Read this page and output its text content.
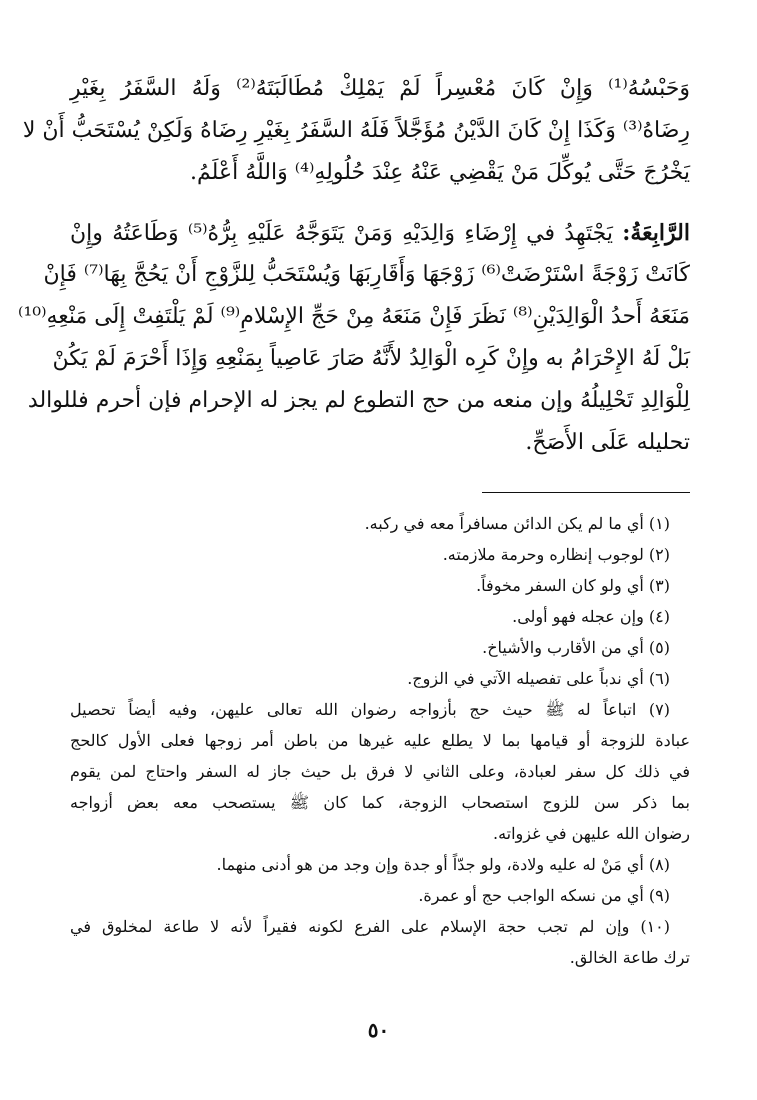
وَحَبْسُهُ⁽¹⁾ وَإِنْ كَانَ مُعْسِراً لَمْ يَمْلِكْ مُطَالَبَتَهُ⁽²⁾ وَلَهُ السَّفَرُ بِغَيْرِ
رِضَاهُ⁽³⁾ وَكَذَا إِنْ كَانَ الدَّيْنُ مُؤَجَّلاً فَلَهُ السَّفَرُ بِغَيْرِ رِضَاهُ وَلَكِنْ يُسْتَحَبُّ أَنْ لا
يَخْرُجَ حَتَّى يُوكِّلَ مَنْ يَقْضِي عَنْهُ عِنْدَ حُلُولِهِ⁽⁴⁾ وَاللَّهُ أَعْلَمُ.
الرَّابِعَةُ: يَجْتَهِدُ في إِرْضَاءِ وَالِدَيْهِ وَمَنْ يَتَوَجَّهُ عَلَيْهِ بِرُّهُ⁽⁵⁾ وَطَاعَتُهُ وإِنْ
كَانَتْ زَوْجَةً اسْتَرْضَتْ⁽⁶⁾ زَوْجَهَا وَأَقَارِبَهَا وَيُسْتَحَبُّ لِلزَّوْجِ أَنْ يَحُجَّ بِهَا⁽⁷⁾ فَإِنْ
مَنَعَهُ أَحدُ الْوَالِدَيْنِ⁽⁸⁾ نَظَرَ فَإِنْ مَنَعَهُ مِنْ حَجِّ الإِسْلامِ⁽⁹⁾ لَمْ يَلْتَفِتْ إِلَى مَنْعِهِ⁽¹⁰⁾
بَلْ لَهُ الإِحْرَامُ به وإِنْ كَرِه الْوَالِدُ لأَنَّهُ صَارَ عَاصِياً بِمَنْعِهِ وَإِذَا أَحْرَمَ لَمْ يَكُنْ
لِلْوَالِدِ تَحْلِيلُهُ وإن منعه من حج التطوع لم يجز له الإحرام فإن أحرم فللوالد
تحليله عَلَى الأَصَحِّ.
(١) أي ما لم يكن الدائن مسافراً معه في ركبه.
(٢) لوجوب إنظاره وحرمة ملازمته.
(٣) أي ولو كان السفر مخوفاً.
(٤) وإن عجله فهو أولى.
(٥) أي من الأقارب والأشياخ.
(٦) أي ندباً على تفصيله الآتي في الزوج.
(٧) اتباعاً له ﷺ حيث حج بأزواجه رضوان الله تعالى عليهن، وفيه أيضاً تحصيل
عبادة للزوجة أو قيامها بما لا يطلع عليه غيرها من باطن أمر زوجها فعلى الأول كالحج
في ذلك كل سفر لعبادة، وعلى الثاني لا فرق بل حيث جاز له السفر واحتاج لمن يقوم
بما ذكر سن للزوج استصحاب الزوجة، كما كان ﷺ يستصحب معه بعض أزواجه
رضوان الله عليهن في غزواته.
(٨) أي مَنْ له عليه ولادة، ولو جدّاً أو جدة وإن وجد من هو أدنى منهما.
(٩) أي من نسكه الواجب حج أو عمرة.
(١٠) وإن لم تجب حجة الإسلام على الفرع لكونه فقيراً لأنه لا طاعة لمخلوق في
ترك طاعة الخالق.
٥٠
